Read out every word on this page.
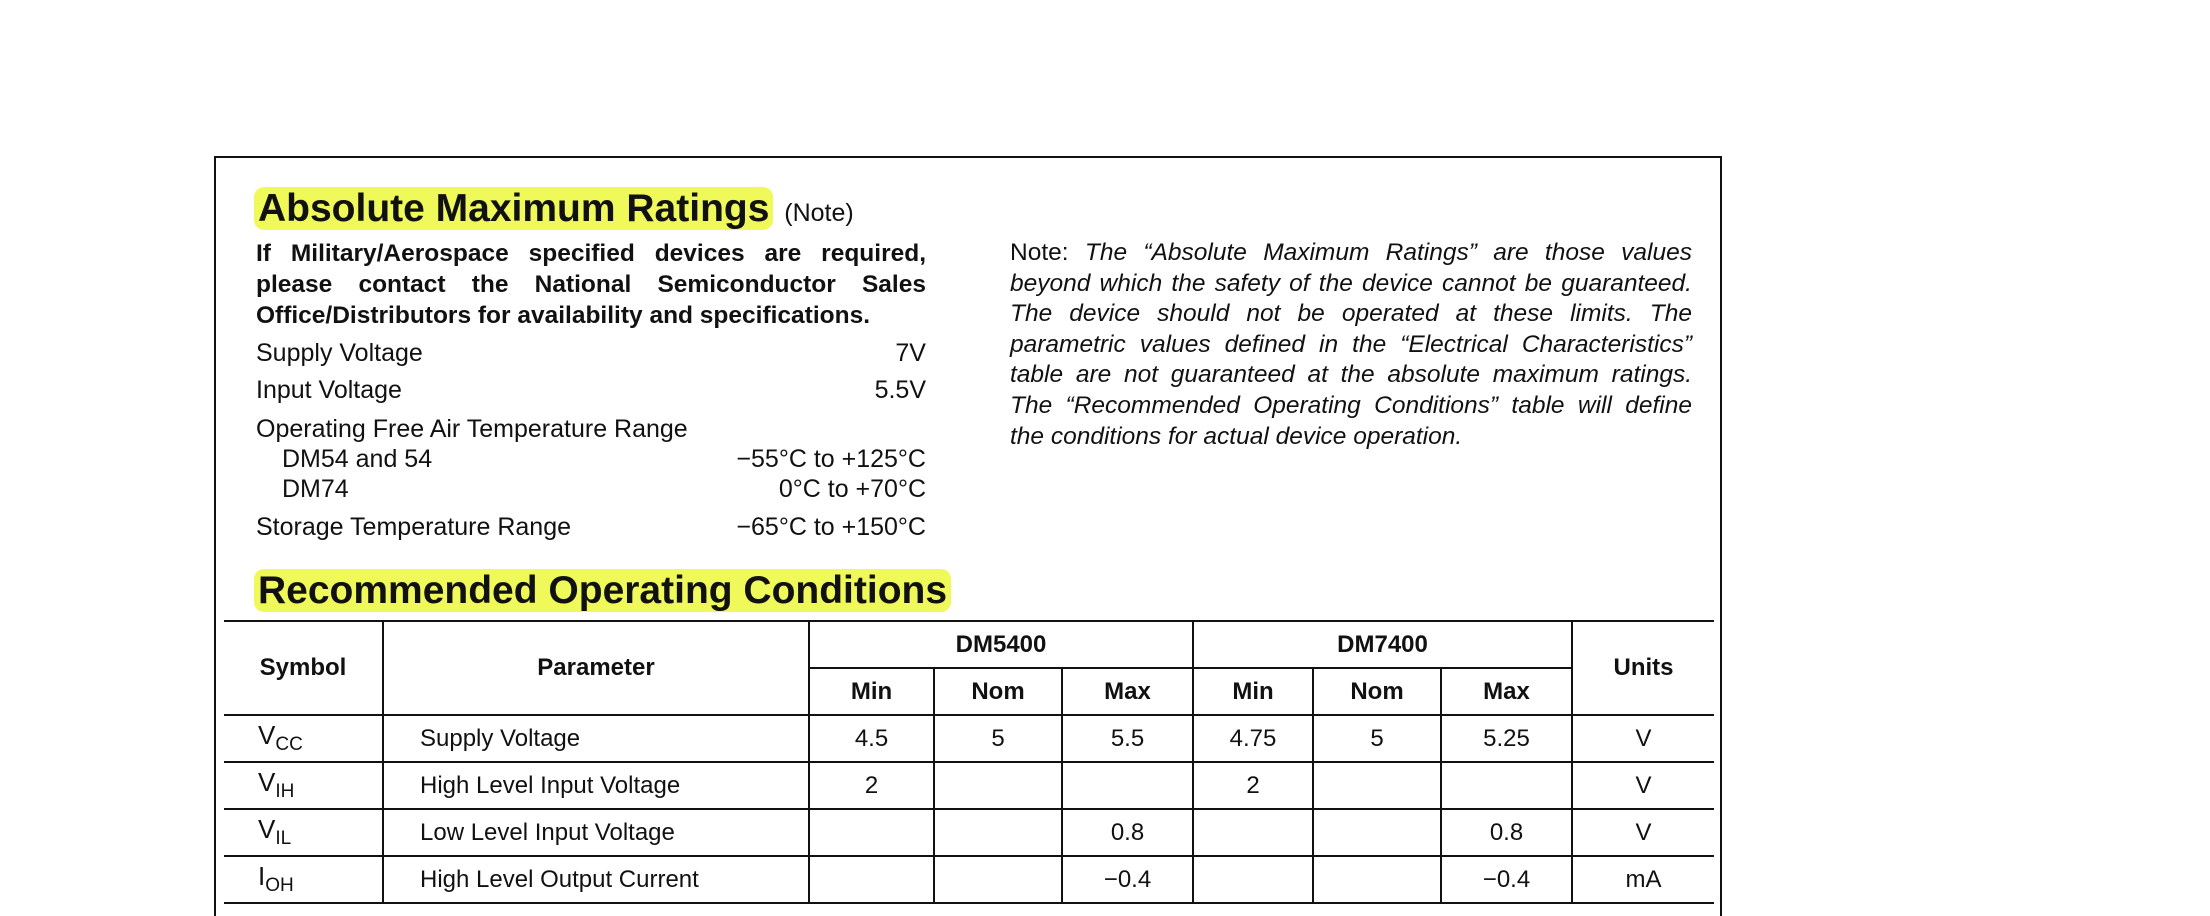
Absolute Maximum Ratings (Note)
If Military/Aerospace specified devices are required, please contact the National Semiconductor Sales Office/Distributors for availability and specifications.
Supply Voltage	7V
Input Voltage	5.5V
Operating Free Air Temperature Range
DM54 and 54	−55°C to +125°C
DM74	0°C to +70°C
Storage Temperature Range	−65°C to +150°C
Note: The “Absolute Maximum Ratings” are those values beyond which the safety of the device cannot be guaranteed. The device should not be operated at these limits. The parametric values defined in the “Electrical Characteristics” table are not guaranteed at the absolute maximum ratings. The “Recommended Operating Conditions” table will define the conditions for actual device operation.
Recommended Operating Conditions
Symbol	Parameter	DM5400			DM7400			Units
		Min	Nom	Max	Min	Nom	Max	
$V_{CC}$	Supply Voltage	4.5	5	5.5	4.75	5	5.25	V
$V_{IH}$	High Level Input Voltage	2			2			V
$V_{IL}$	Low Level Input Voltage			0.8			0.8	V
$I_{OH}$	High Level Output Current			−0.4			−0.4	mA
